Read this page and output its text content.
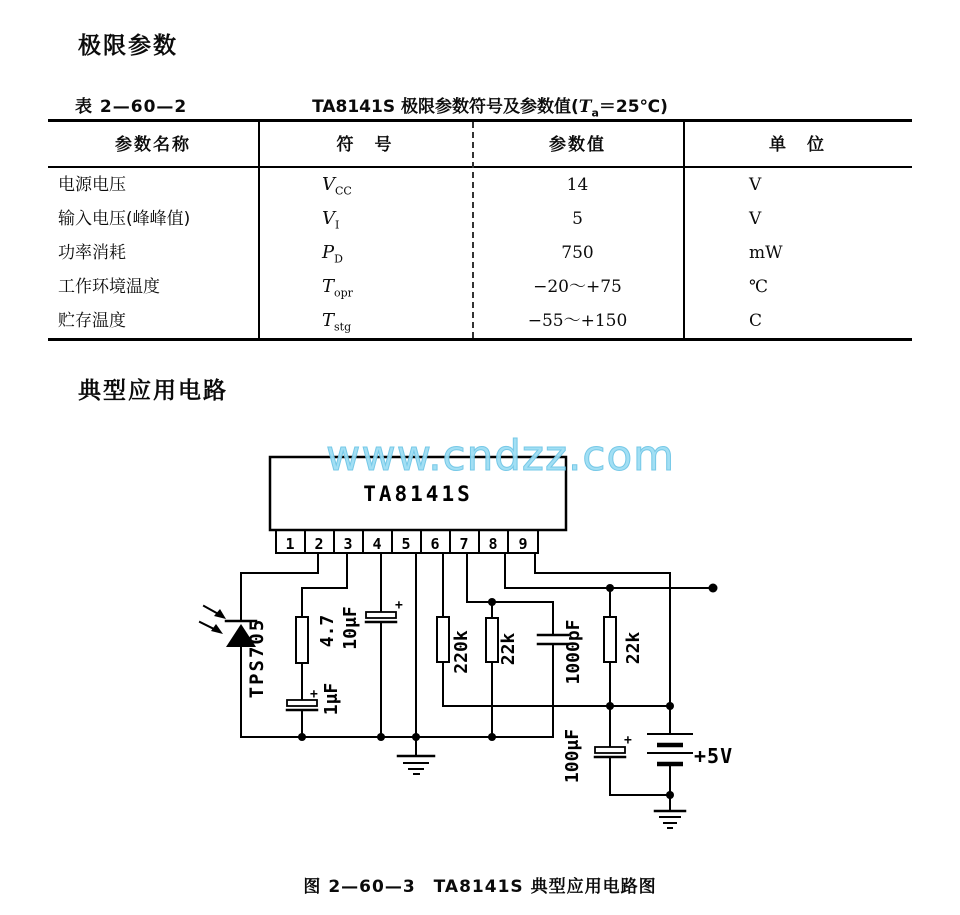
极限参数
表 2—60—2	TA8141S 极限参数符号及参数值$(T_a=25℃)$
参数名称	符　号	参数值	单　位
电源电压	$V_{CC}$	14	V
输入电压(峰峰值)	$V_I$	5	V
功率消耗	$P_D$	750	mW
工作环境温度	$T_{opr}$	−20～+75	℃
贮存温度	$T_{stg}$	−55～+150	C
典型应用电路
TA8141S
1 2 3 4 5 6 7 8 9
TPS705	+
4.7
1μF
+
10μF
220k 22k 1000pF 22k
+
100μF	+5V
www.cndzz.com
图 2—60—3　TA8141S 典型应用电路图
